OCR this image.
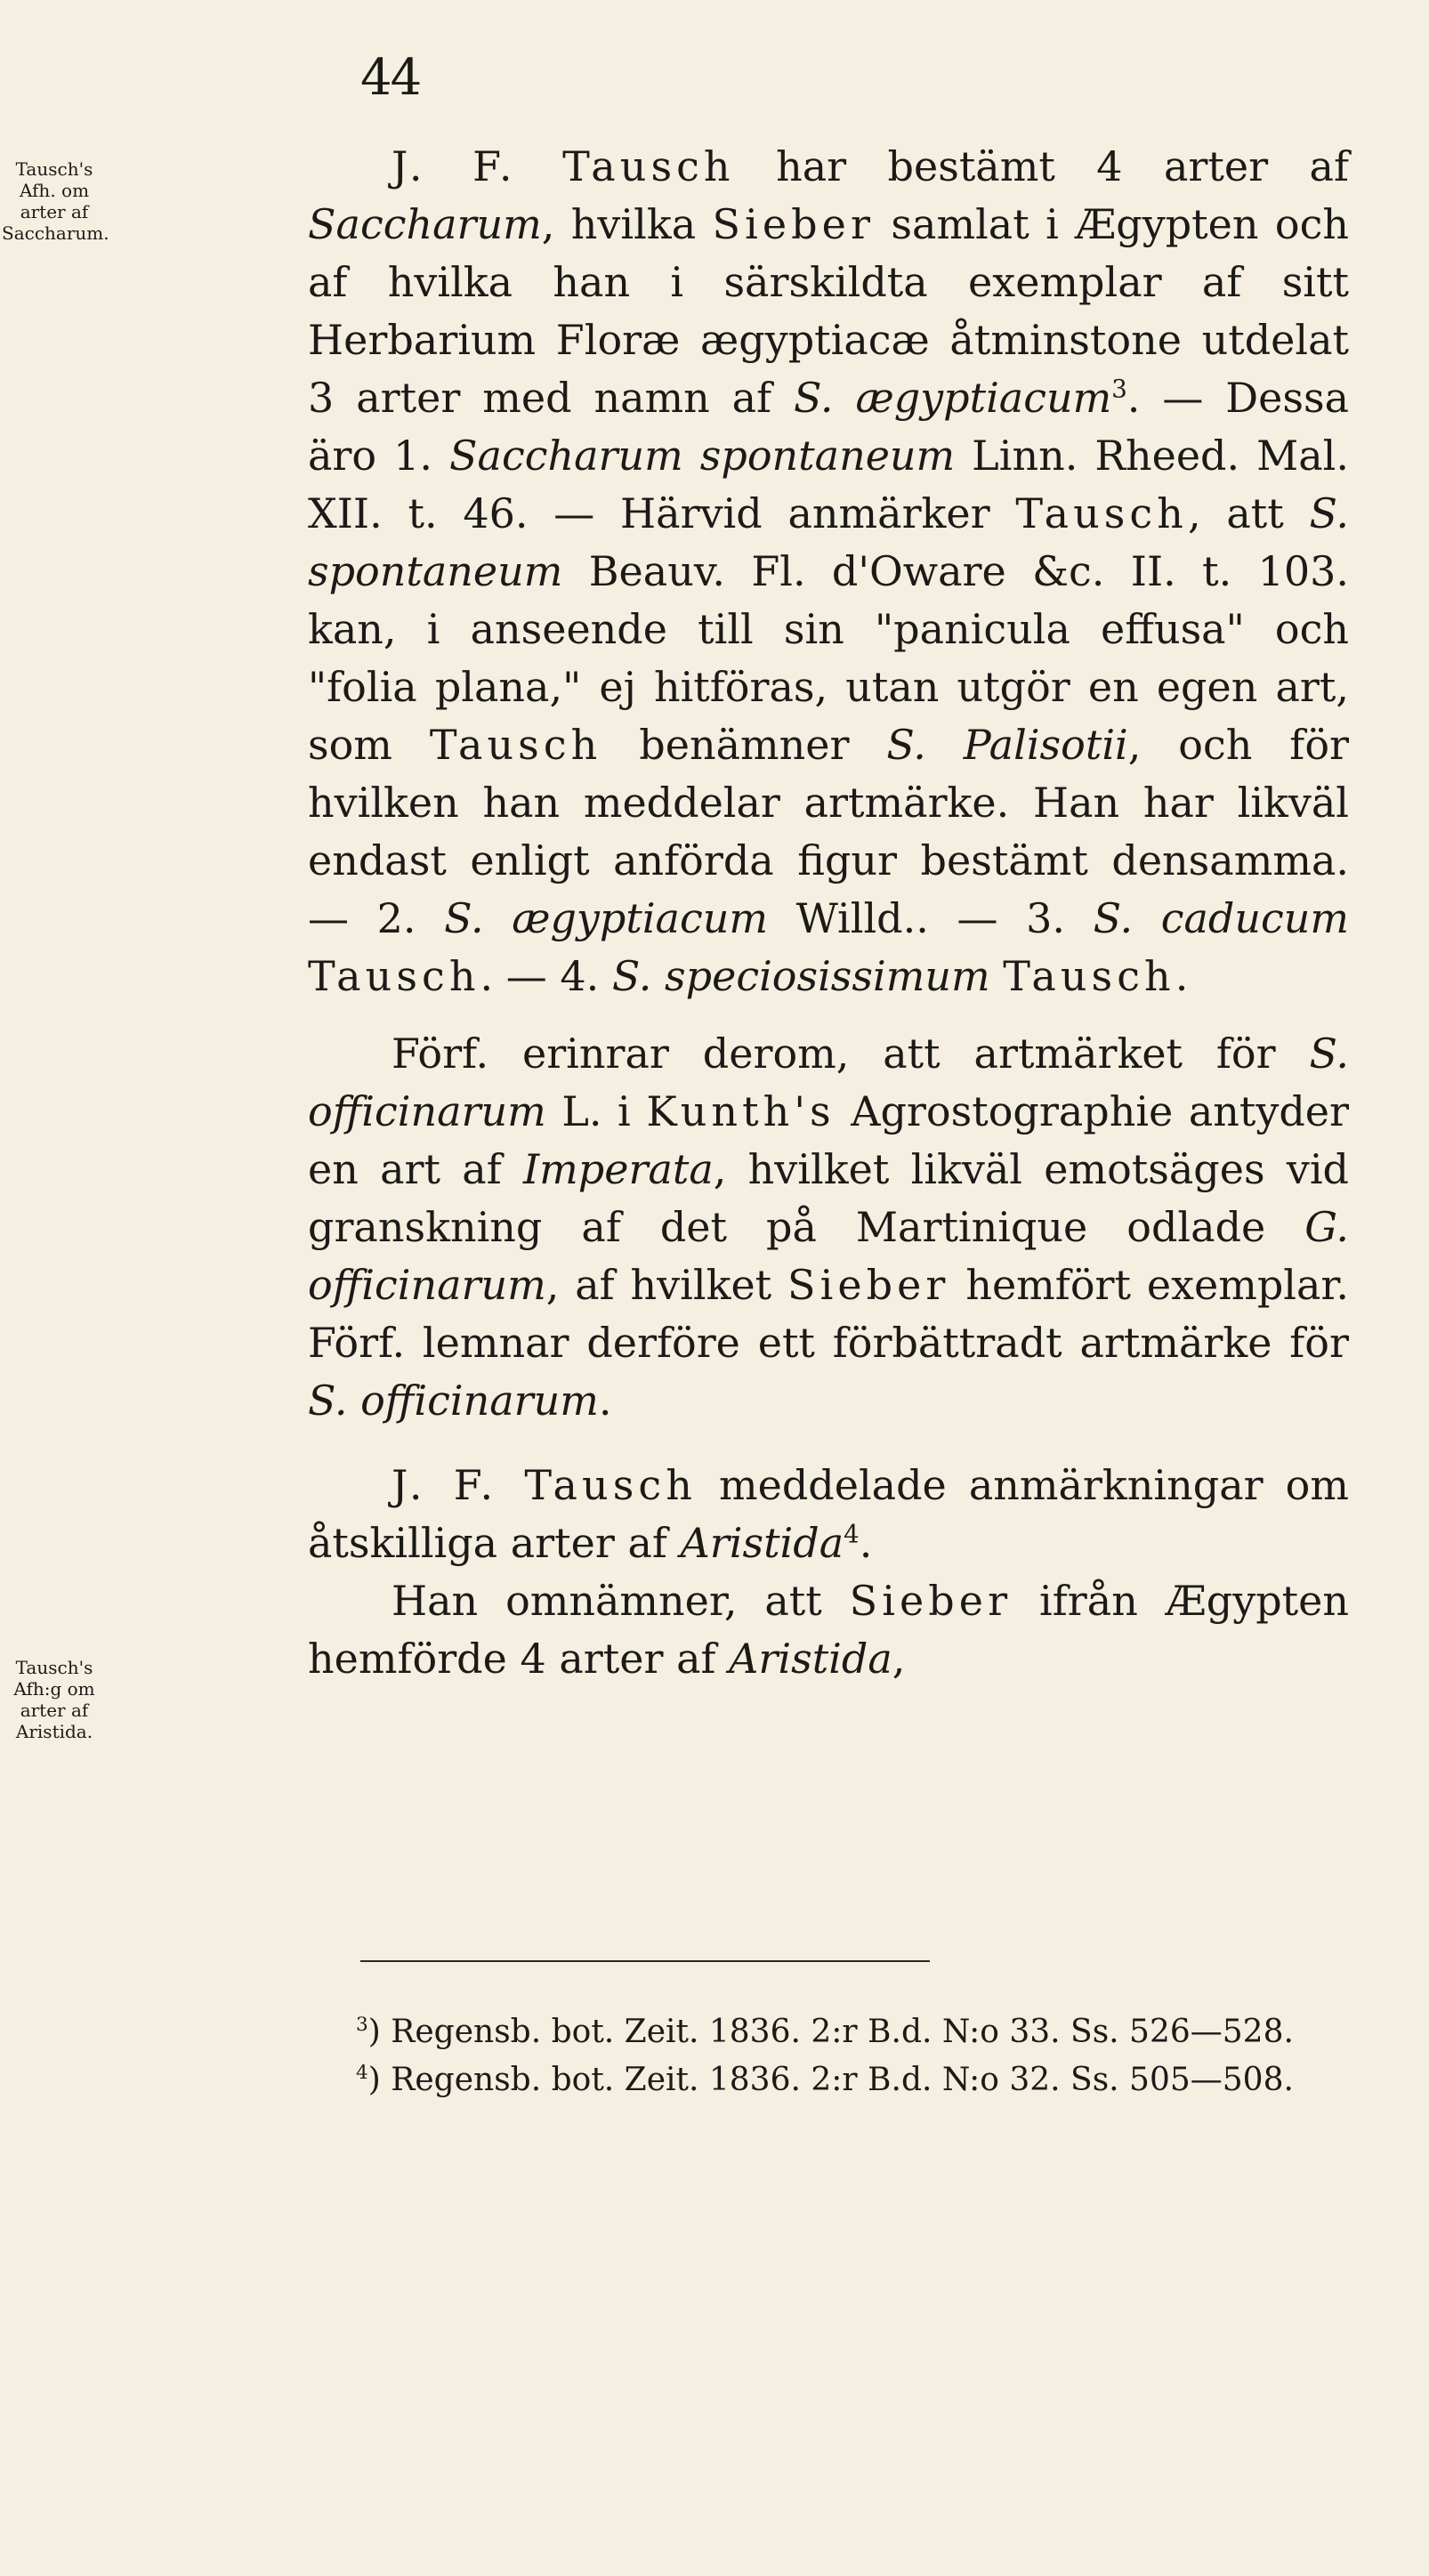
44
Tausch's Afh. om arter af Saccharum.
Tausch's Afh:g om arter af Aristida.

J. F. Tausch har bestämt 4 arter af Saccharum, hvilka Sieber samlat i Ægypten och af hvilka han i särskildta exemplar af sitt Herbarium Floræ ægyptiacæ åtminstone utdelat 3 arter med namn af S. ægyptiacum$^3$. — Dessa äro 1. Saccharum spontaneum Linn. Rheed. Mal. XII. t. 46. — Härvid anmärker Tausch, att S. spontaneum Beauv. Fl. d'Oware &c. II. t. 103. kan, i anseende till sin "panicula effusa" och "folia plana," ej hitföras, utan utgör en egen art, som Tausch benämner S. Palisotii, och för hvilken han meddelar artmärke. Han har likväl endast enligt anförda figur bestämt densamma. — 2. S. ægyptiacum Willd.. — 3. S. caducum Tausch. — 4. S. speciosissimum Tausch.

Förf. erinrar derom, att artmärket för S. officinarum L. i Kunth's Agrostographie antyder en art af Imperata, hvilket likväl emotsäges vid granskning af det på Martinique odlade G. officinarum, af hvilket Sieber hemfört exemplar. Förf. lemnar derföre ett förbättradt artmärke för S. officinarum.

J. F. Tausch meddelade anmärkningar om åtskilliga arter af Aristida$^4$.

Han omnämner, att Sieber ifrån Ægypten hemförde 4 arter af Aristida,

$^3$) Regensb. bot. Zeit. 1836. 2:r B.d. N:o 33. Ss. 526—528.

$^4$) Regensb. bot. Zeit. 1836. 2:r B.d. N:o 32. Ss. 505—508.
